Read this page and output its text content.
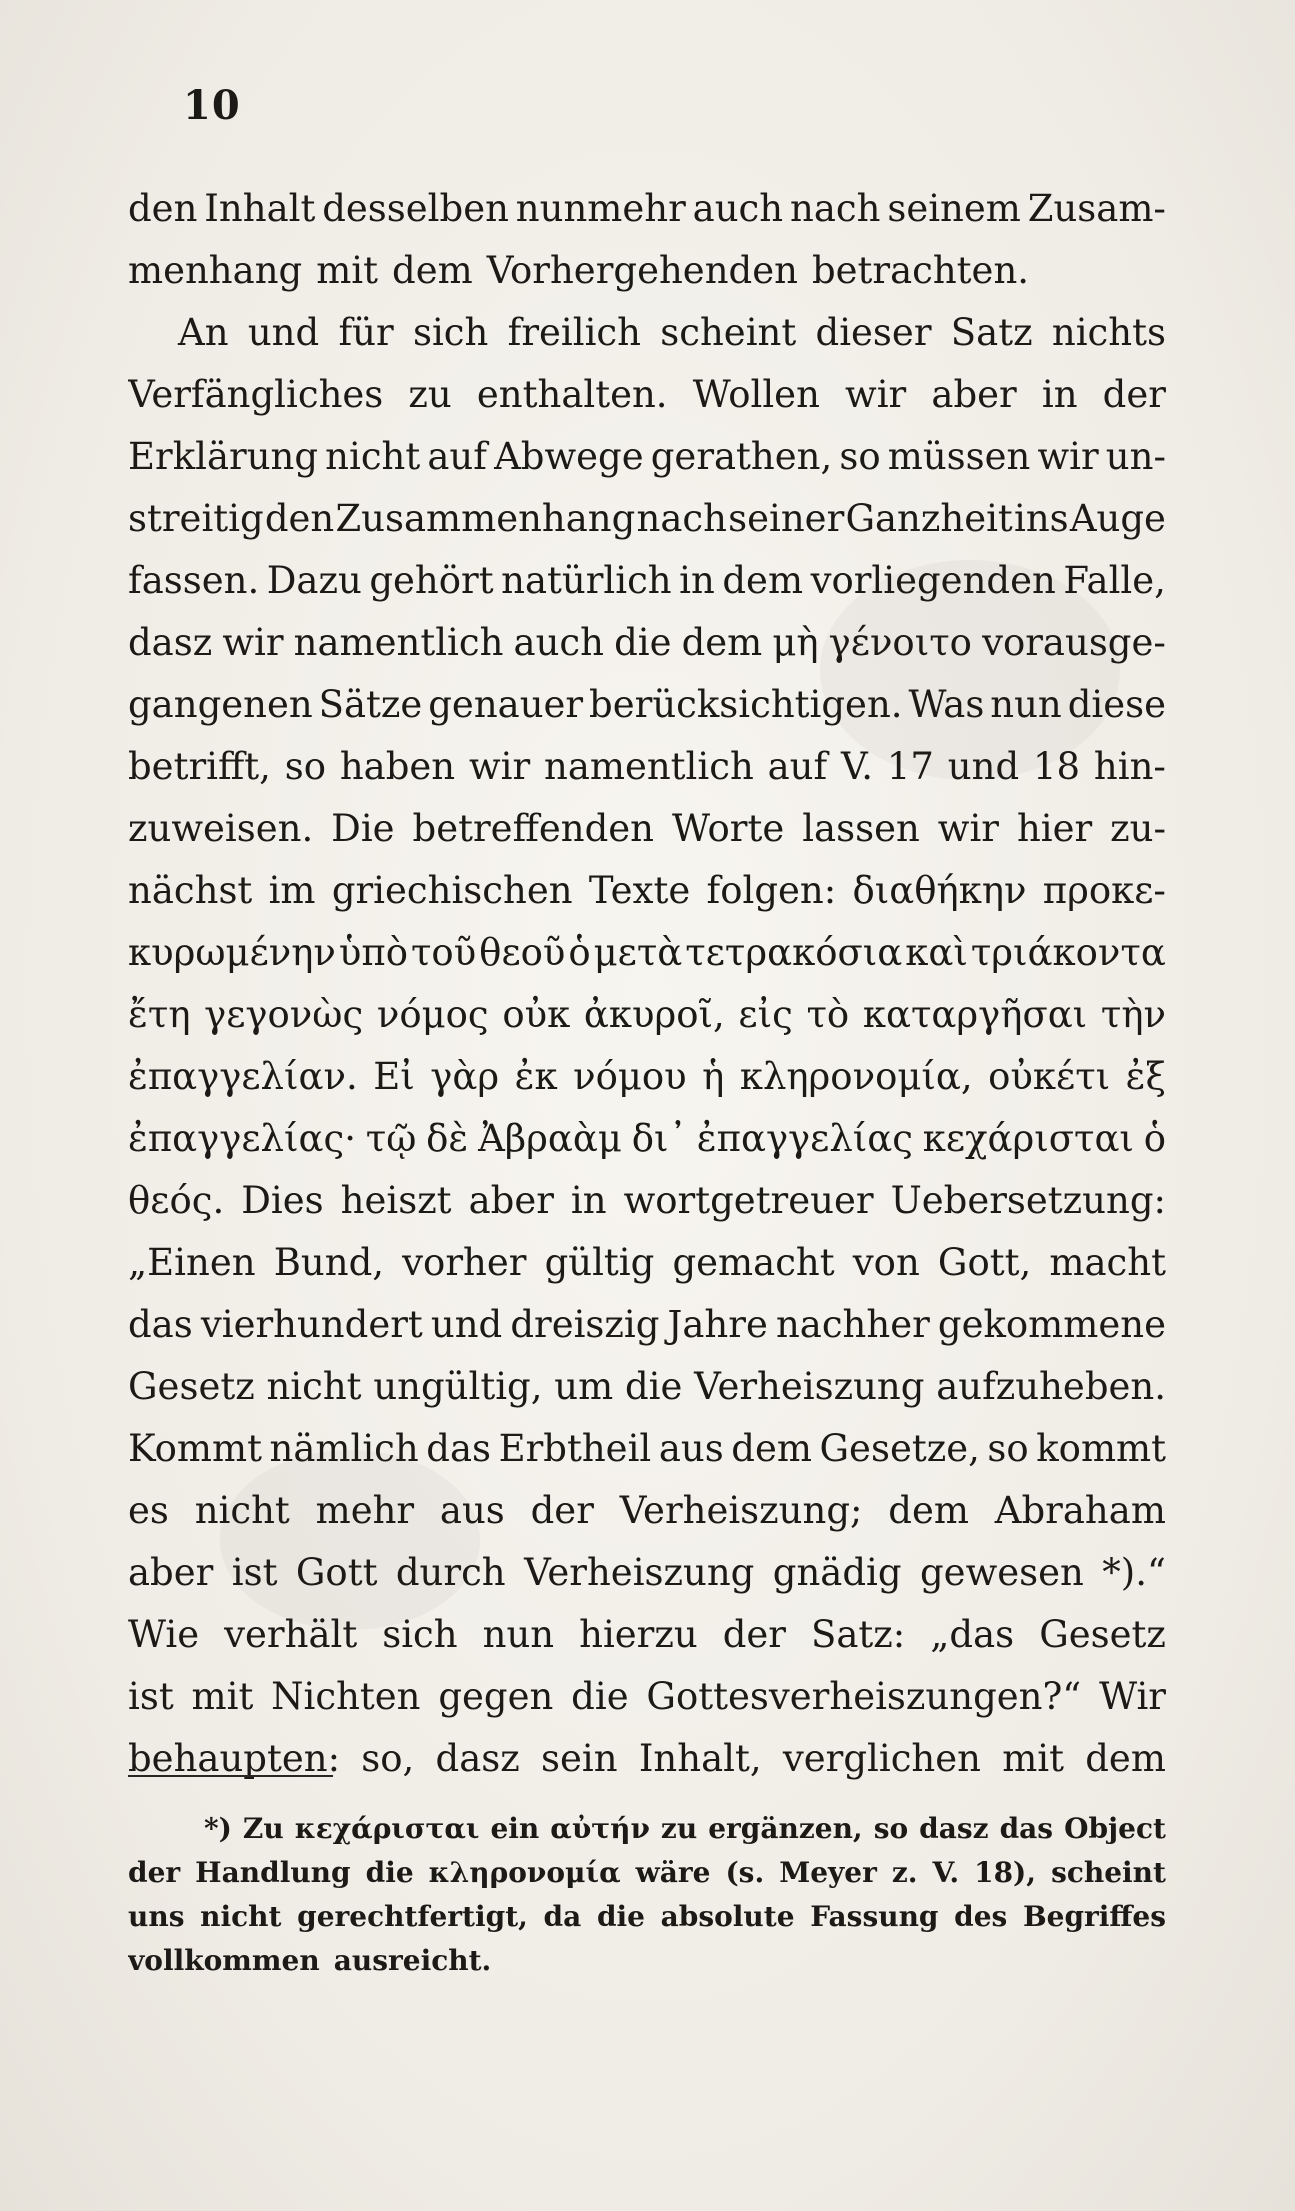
10
den Inhalt desselben nunmehr auch nach seinem Zusam-
menhang mit dem Vorhergehenden betrachten.
An und für sich freilich scheint dieser Satz nichts
Verfängliches zu enthalten. Wollen wir aber in der
Erklärung nicht auf Abwege gerathen, so müssen wir un-
streitig den Zusammenhang nach seiner Ganzheit ins Auge
fassen. Dazu gehört natürlich in dem vorliegenden Falle,
dasz wir namentlich auch die dem μὴ γένοιτο vorausge-
gangenen Sätze genauer berücksichtigen. Was nun diese
betrifft, so haben wir namentlich auf V. 17 und 18 hin-
zuweisen. Die betreffenden Worte lassen wir hier zu-
nächst im griechischen Texte folgen: διαθήκην προκε-
κυρωμένην ὑπὸ τοῦ θεοῦ ὁ μετὰ τετρακόσια καὶ τριάκοντα
ἔτη γεγονὼς νόμος οὐκ ἀκυροῖ, εἰς τὸ καταργῆσαι τὴν
ἐπαγγελίαν. Εἰ γὰρ ἐκ νόμου ἡ κληρονομία, οὐκέτι ἐξ
ἐπαγγελίας· τῷ δὲ Ἀβραὰμ δι᾽ ἐπαγγελίας κεχάρισται ὁ
θεός. Dies heiszt aber in wortgetreuer Uebersetzung:
„Einen Bund, vorher gültig gemacht von Gott, macht
das vierhundert und dreiszig Jahre nachher gekommene
Gesetz nicht ungültig, um die Verheiszung aufzuheben.
Kommt nämlich das Erbtheil aus dem Gesetze, so kommt
es nicht mehr aus der Verheiszung; dem Abraham
aber ist Gott durch Verheiszung gnädig gewesen *).“
Wie verhält sich nun hierzu der Satz: „das Gesetz
ist mit Nichten gegen die Gottesverheiszungen?“ Wir
behaupten: so, dasz sein Inhalt, verglichen mit dem
*) Zu κεχάρισται ein αὐτήν zu ergänzen, so dasz das Object
der Handlung die κληρονομία wäre (s. Meyer z. V. 18), scheint
uns nicht gerechtfertigt, da die absolute Fassung des Begriffes
vollkommen ausreicht.
